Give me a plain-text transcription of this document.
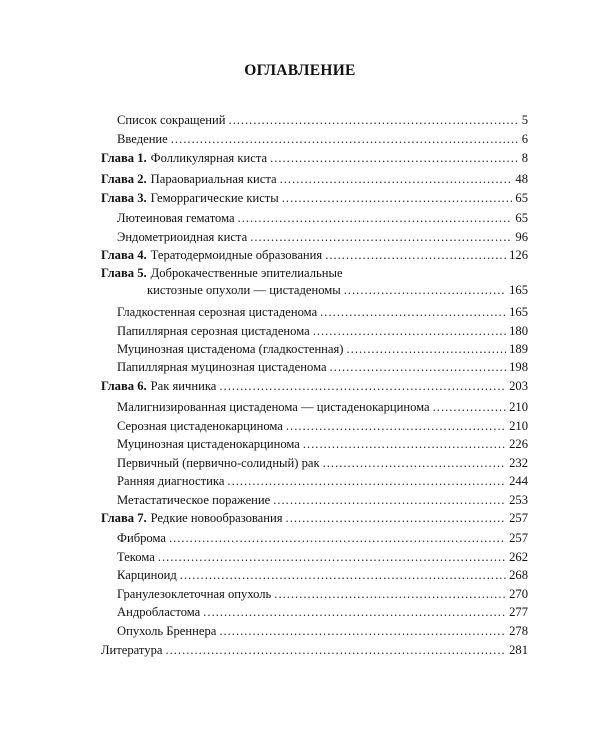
ОГЛАВЛЕНИЕ
Список сокращений .....	5
Введение .....	6
Глава 1. Фолликулярная киста .....	8
Глава 2. Параовариальная киста .....	48
Глава 3. Геморрагические кисты .....	65
Лютеиновая гематома .....	65
Эндометриоидная киста .....	96
Глава 4. Тератодермоидные образования .....	126
Глава 5. Доброкачественные эпителиальные
кистозные опухоли — цистаденомы .....	165
Гладкостенная серозная цистаденома .....	165
Папиллярная серозная цистаденома .....	180
Муцинозная цистаденома (гладкостенная) .....	189
Папиллярная муцинозная цистаденома .....	198
Глава 6. Рак яичника .....	203
Малигнизированная цистаденома — цистаденокарцинома .....	210
Серозная цистаденокарцинома .....	210
Муцинозная цистаденокарцинома .....	226
Первичный (первично-солидный) рак .....	232
Ранняя диагностика .....	244
Метастатическое поражение .....	253
Глава 7. Редкие новообразования .....	257
Фиброма .....	257
Текома .....	262
Карциноид .....	268
Гранулезоклеточная опухоль .....	270
Андробластома .....	277
Опухоль Бреннера .....	278
Литература .....	281
